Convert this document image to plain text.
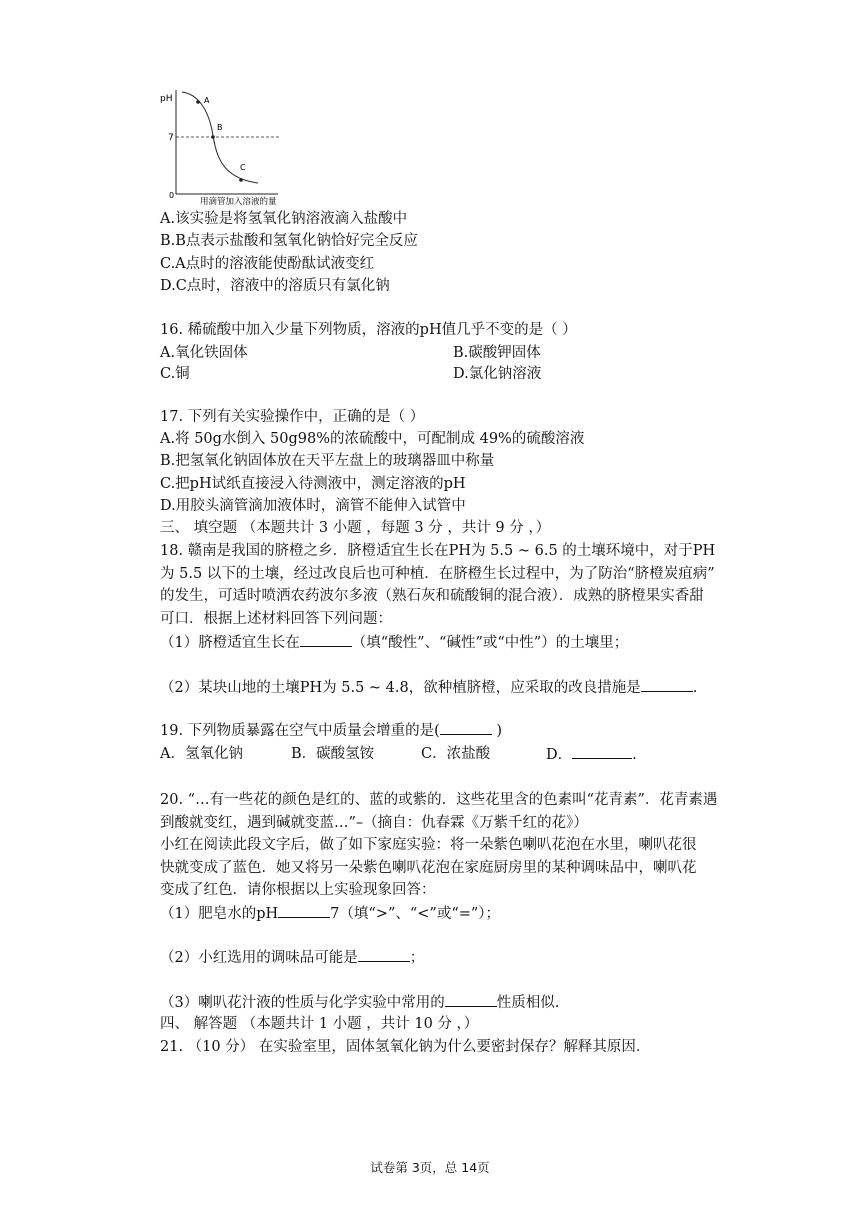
pH
7
0
A
B
C
用滴管加入溶液的量
A.该实验是将氢氧化钠溶液滴入盐酸中
B.B点表示盐酸和氢氧化钠恰好完全反应
C.A点时的溶液能使酚酞试液变红
D.C点时，溶液中的溶质只有氯化钠
16. 稀硫酸中加入少量下列物质，溶液的pH值几乎不变的是（ ）
A.氧化铁固体	B.碳酸钾固体
C.铜	D.氯化钠溶液
17. 下列有关实验操作中，正确的是（ ）
A.将 50g水倒入 50g98%的浓硫酸中，可配制成 49%的硫酸溶液
B.把氢氧化钠固体放在天平左盘上的玻璃器皿中称量
C.把pH试纸直接浸入待测液中，测定溶液的pH
D.用胶头滴管滴加液体时，滴管不能伸入试管中
三、 填空题 （本题共计 3 小题 ，每题 3 分 ，共计 9 分 ，）
18. 赣南是我国的脐橙之乡．脐橙适宜生长在PH为 5.5 ~ 6.5 的土壤环境中，对于PH
为 5.5 以下的土壤，经过改良后也可种植．在脐橙生长过程中，为了防治“脐橙炭疽病”
的发生，可适时喷洒农药波尔多液（熟石灰和硫酸铜的混合液）．成熟的脐橙果实香甜
可口．根据上述材料回答下列问题：
（1）脐橙适宜生长在	（填“酸性”、“碱性”或“中性”）的土壤里；
（2）某块山地的土壤PH为 5.5 ~ 4.8，欲种植脐橙，应采取的改良措施是	.
19. 下列物质暴露在空气中质量会增重的是(	)
A．氢氧化钠	B．碳酸氢铵	C．浓盐酸	D．	.
20. “…有一些花的颜色是红的、蓝的或紫的．这些花里含的色素叫“花青素”．花青素遇
到酸就变红，遇到碱就变蓝…”–（摘自：仇春霖《万紫千红的花》）
小红在阅读此段文字后，做了如下家庭实验：将一朵紫色喇叭花泡在水里，喇叭花很
快就变成了蓝色．她又将另一朵紫色喇叭花泡在家庭厨房里的某种调味品中，喇叭花
变成了红色．请你根据以上实验现象回答：
（1）肥皂水的pH	7（填“>”、“<”或“=”）；
（2）小红选用的调味品可能是	；
（3）喇叭花汁液的性质与化学实验中常用的	性质相似.
四、 解答题 （本题共计 1 小题 ，共计 10 分 ，）
21. （10 分） 在实验室里，固体氢氧化钠为什么要密封保存？解释其原因．
试卷第 3页，总 14页
